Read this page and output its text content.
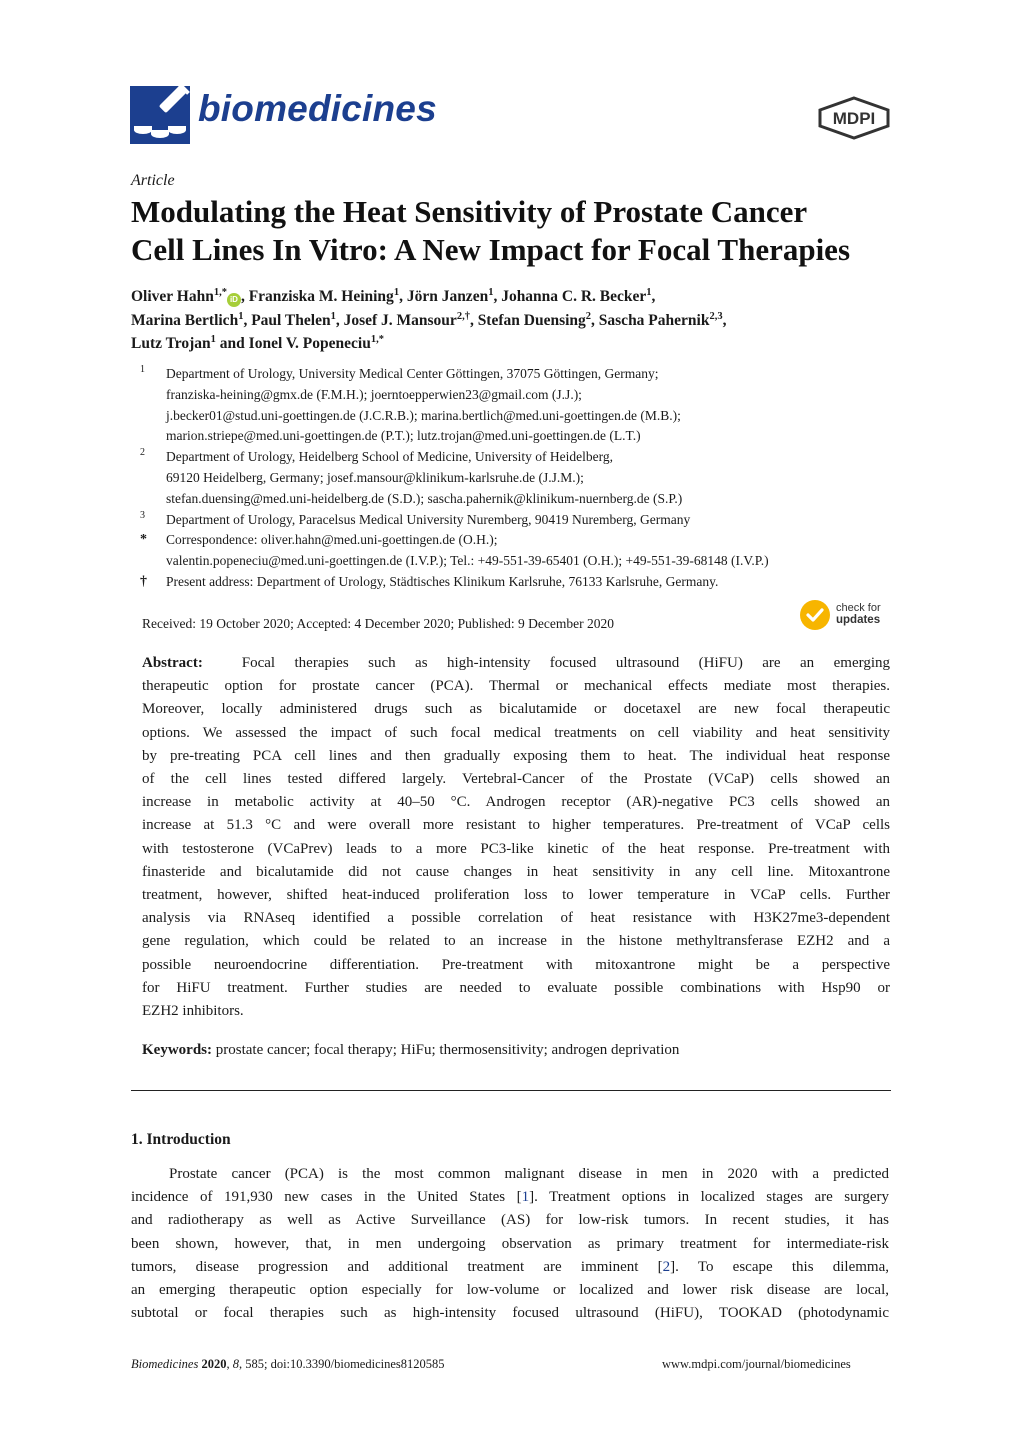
biomedicines	MDPI
Article
Modulating the Heat Sensitivity of Prostate Cancer
Cell Lines In Vitro: A New Impact for Focal Therapies
Oliver Hahn$^{1,*}$iD , Franziska M. Heining$^1$, Jörn Janzen$^1$, Johanna C. R. Becker$^1$,
Marina Bertlich$^1$, Paul Thelen$^1$, Josef J. Mansour$^{2,\dagger}$, Stefan Duensing$^2$, Sascha Pahernik$^{2,3}$,
Lutz Trojan$^1$ and Ionel V. Popeneciu$^{1,*}$
1 Department of Urology, University Medical Center Göttingen, 37075 Göttingen, Germany;
franziska-heining@gmx.de (F.M.H.); joerntoepperwien23@gmail.com (J.J.);
j.becker01@stud.uni-goettingen.de (J.C.R.B.); marina.bertlich@med.uni-goettingen.de (M.B.);
marion.striepe@med.uni-goettingen.de (P.T.); lutz.trojan@med.uni-goettingen.de (L.T.)
2 Department of Urology, Heidelberg School of Medicine, University of Heidelberg,
69120 Heidelberg, Germany; josef.mansour@klinikum-karlsruhe.de (J.J.M.);
stefan.duensing@med.uni-heidelberg.de (S.D.); sascha.pahernik@klinikum-nuernberg.de (S.P.)
3 Department of Urology, Paracelsus Medical University Nuremberg, 90419 Nuremberg, Germany
* Correspondence: oliver.hahn@med.uni-goettingen.de (O.H.);
valentin.popeneciu@med.uni-goettingen.de (I.V.P.); Tel.: +49-551-39-65401 (O.H.); +49-551-39-68148 (I.V.P.)
† Present address: Department of Urology, Städtisches Klinikum Karlsruhe, 76133 Karlsruhe, Germany.
Received: 19 October 2020; Accepted: 4 December 2020; Published: 9 December 2020
check for
updates
Abstract:	Focal therapies such as high-intensity focused ultrasound (HiFU) are an emerging
therapeutic option for prostate cancer (PCA). Thermal or mechanical effects mediate most therapies.
Moreover, locally administered drugs such as bicalutamide or docetaxel are new focal therapeutic
options. We assessed the impact of such focal medical treatments on cell viability and heat sensitivity
by pre-treating PCA cell lines and then gradually exposing them to heat. The individual heat response
of the cell lines tested differed largely. Vertebral-Cancer of the Prostate (VCaP) cells showed an
increase in metabolic activity at 40–50 °C. Androgen receptor (AR)-negative PC3 cells showed an
increase at 51.3 °C and were overall more resistant to higher temperatures. Pre-treatment of VCaP cells
with testosterone (VCaPrev) leads to a more PC3-like kinetic of the heat response. Pre-treatment with
finasteride and bicalutamide did not cause changes in heat sensitivity in any cell line. Mitoxantrone
treatment, however, shifted heat-induced proliferation loss to lower temperature in VCaP cells. Further
analysis via RNAseq identified a possible correlation of heat resistance with H3K27me3-dependent
gene regulation, which could be related to an increase in the histone methyltransferase EZH2 and a
possible neuroendocrine differentiation. Pre-treatment with mitoxantrone might be a perspective
for HiFU treatment. Further studies are needed to evaluate possible combinations with Hsp90 or
EZH2 inhibitors.
Keywords: prostate cancer; focal therapy; HiFu; thermosensitivity; androgen deprivation
1. Introduction
Prostate cancer (PCA) is the most common malignant disease in men in 2020 with a predicted
incidence of 191,930 new cases in the United States [1]. Treatment options in localized stages are surgery
and radiotherapy as well as Active Surveillance (AS) for low-risk tumors. In recent studies, it has
been shown, however, that, in men undergoing observation as primary treatment for intermediate-risk
tumors, disease progression and additional treatment are imminent [2]. To escape this dilemma,
an emerging therapeutic option especially for low-volume or localized and lower risk disease are local,
subtotal or focal therapies such as high-intensity focused ultrasound (HiFU), TOOKAD (photodynamic
Biomedicines 2020, 8, 585; doi:10.3390/biomedicines8120585	www.mdpi.com/journal/biomedicines
